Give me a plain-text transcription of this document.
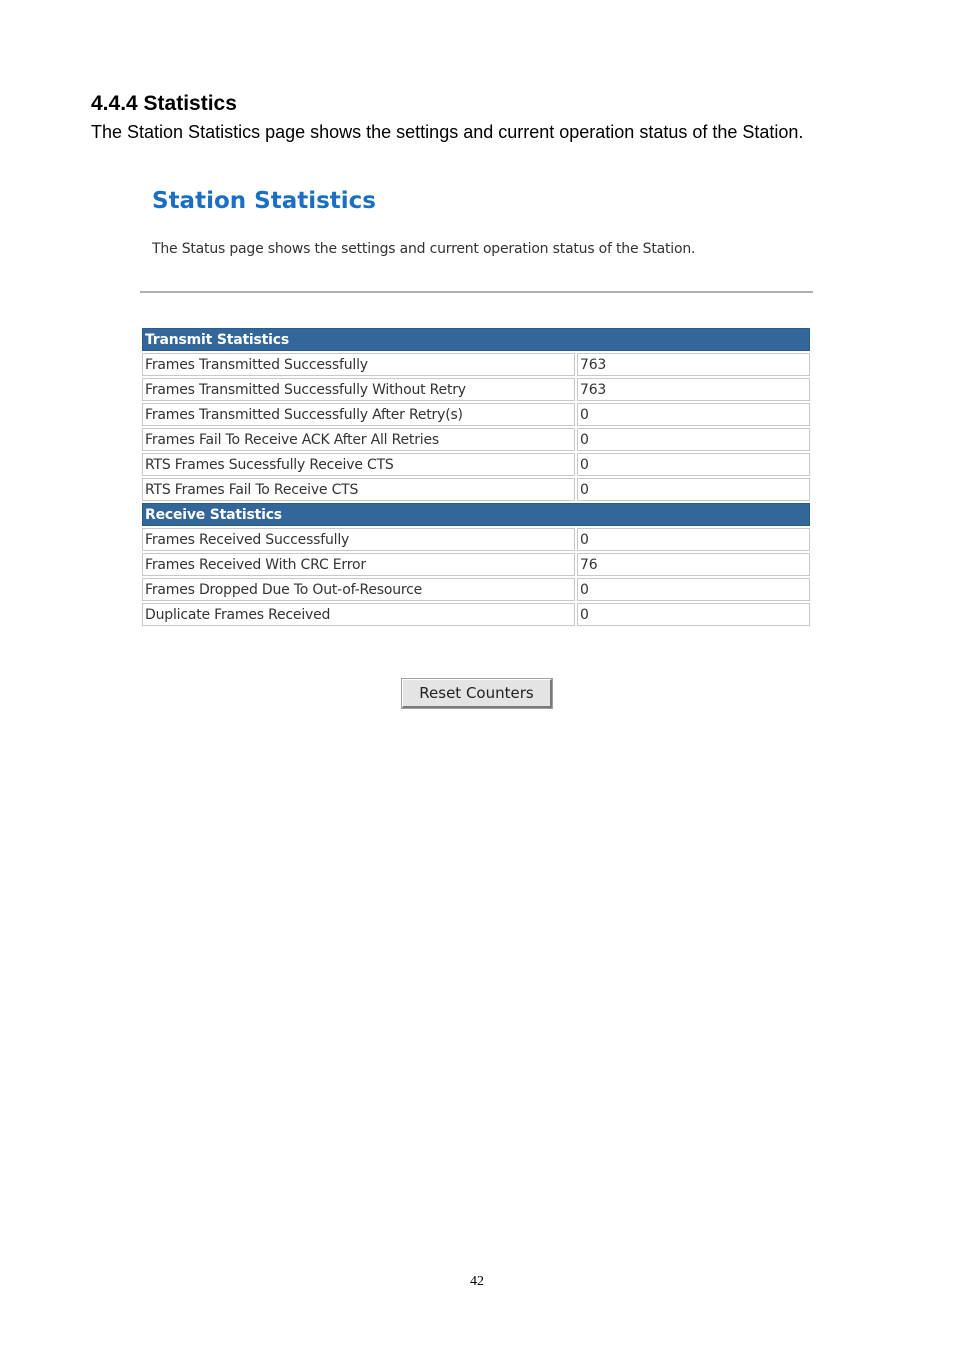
4.4.4 Statistics

The Station Statistics page shows the settings and current operation status of the Station.

Station Statistics

The Status page shows the settings and current operation status of the Station.

Transmit Statistics	
Frames Transmitted Successfully	763
Frames Transmitted Successfully Without Retry	763
Frames Transmitted Successfully After Retry(s)	0
Frames Fail To Receive ACK After All Retries	0
RTS Frames Sucessfully Receive CTS	0
RTS Frames Fail To Receive CTS	0
Receive Statistics	
Frames Received Successfully	0
Frames Received With CRC Error	76
Frames Dropped Due To Out-of-Resource	0
Duplicate Frames Received	0
Reset Counters

42
